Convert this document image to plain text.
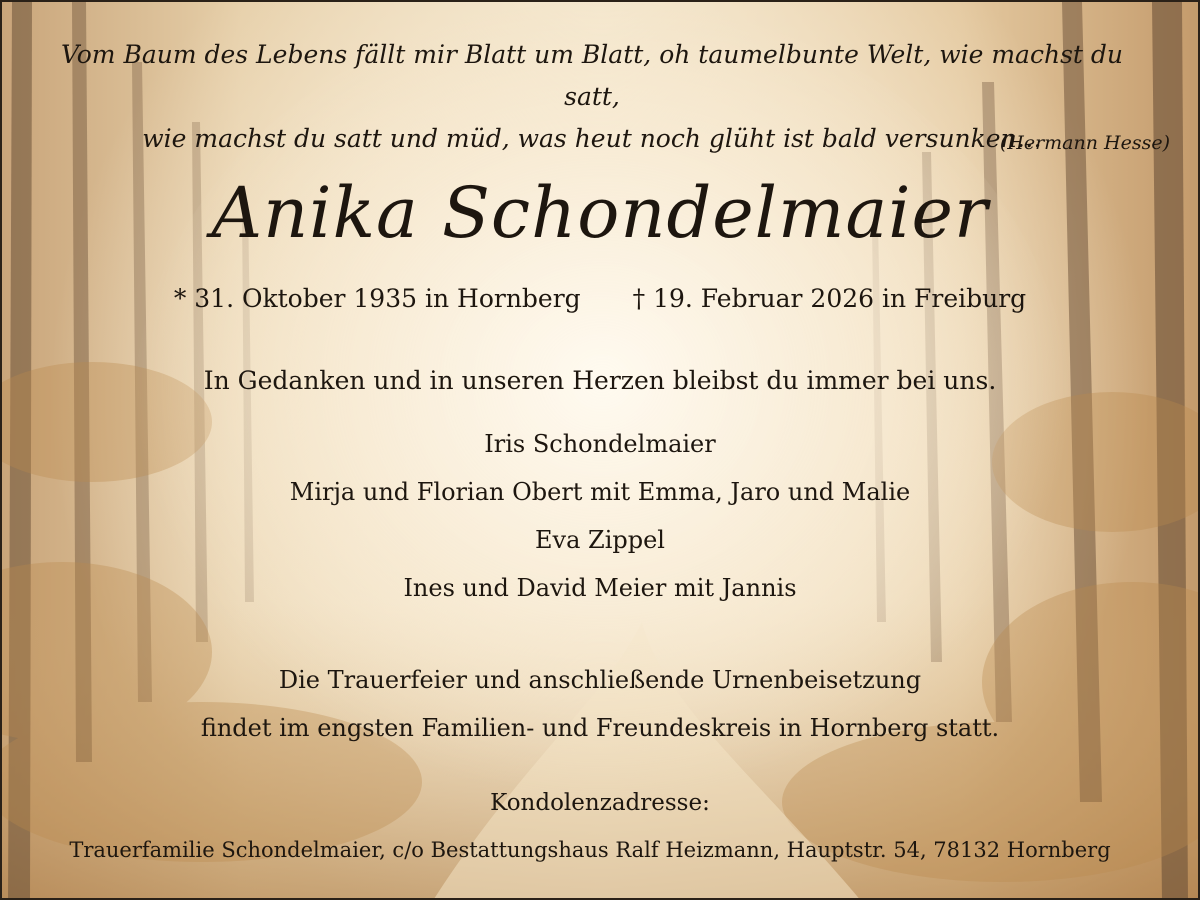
Vom Baum des Lebens fällt mir Blatt um Blatt, oh taumelbunte Welt, wie machst du satt,
wie machst du satt und müd, was heut noch glüht ist bald versunken…

(Hermann Hesse)

Anika Schondelmaier
* 31. Oktober 1935 in Hornberg † 19. Februar 2026 in Freiburg

In Gedanken und in unseren Herzen bleibst du immer bei uns.

Iris Schondelmaier
Mirja und Florian Obert mit Emma, Jaro und Malie
Eva Zippel
Ines und David Meier mit Jannis

Die Trauerfeier und anschließende Urnenbeisetzung
findet im engsten Familien- und Freundeskreis in Hornberg statt.

Kondolenzadresse:

Trauerfamilie Schondelmaier, c/o Bestattungshaus Ralf Heizmann, Hauptstr. 54, 78132 Hornberg
